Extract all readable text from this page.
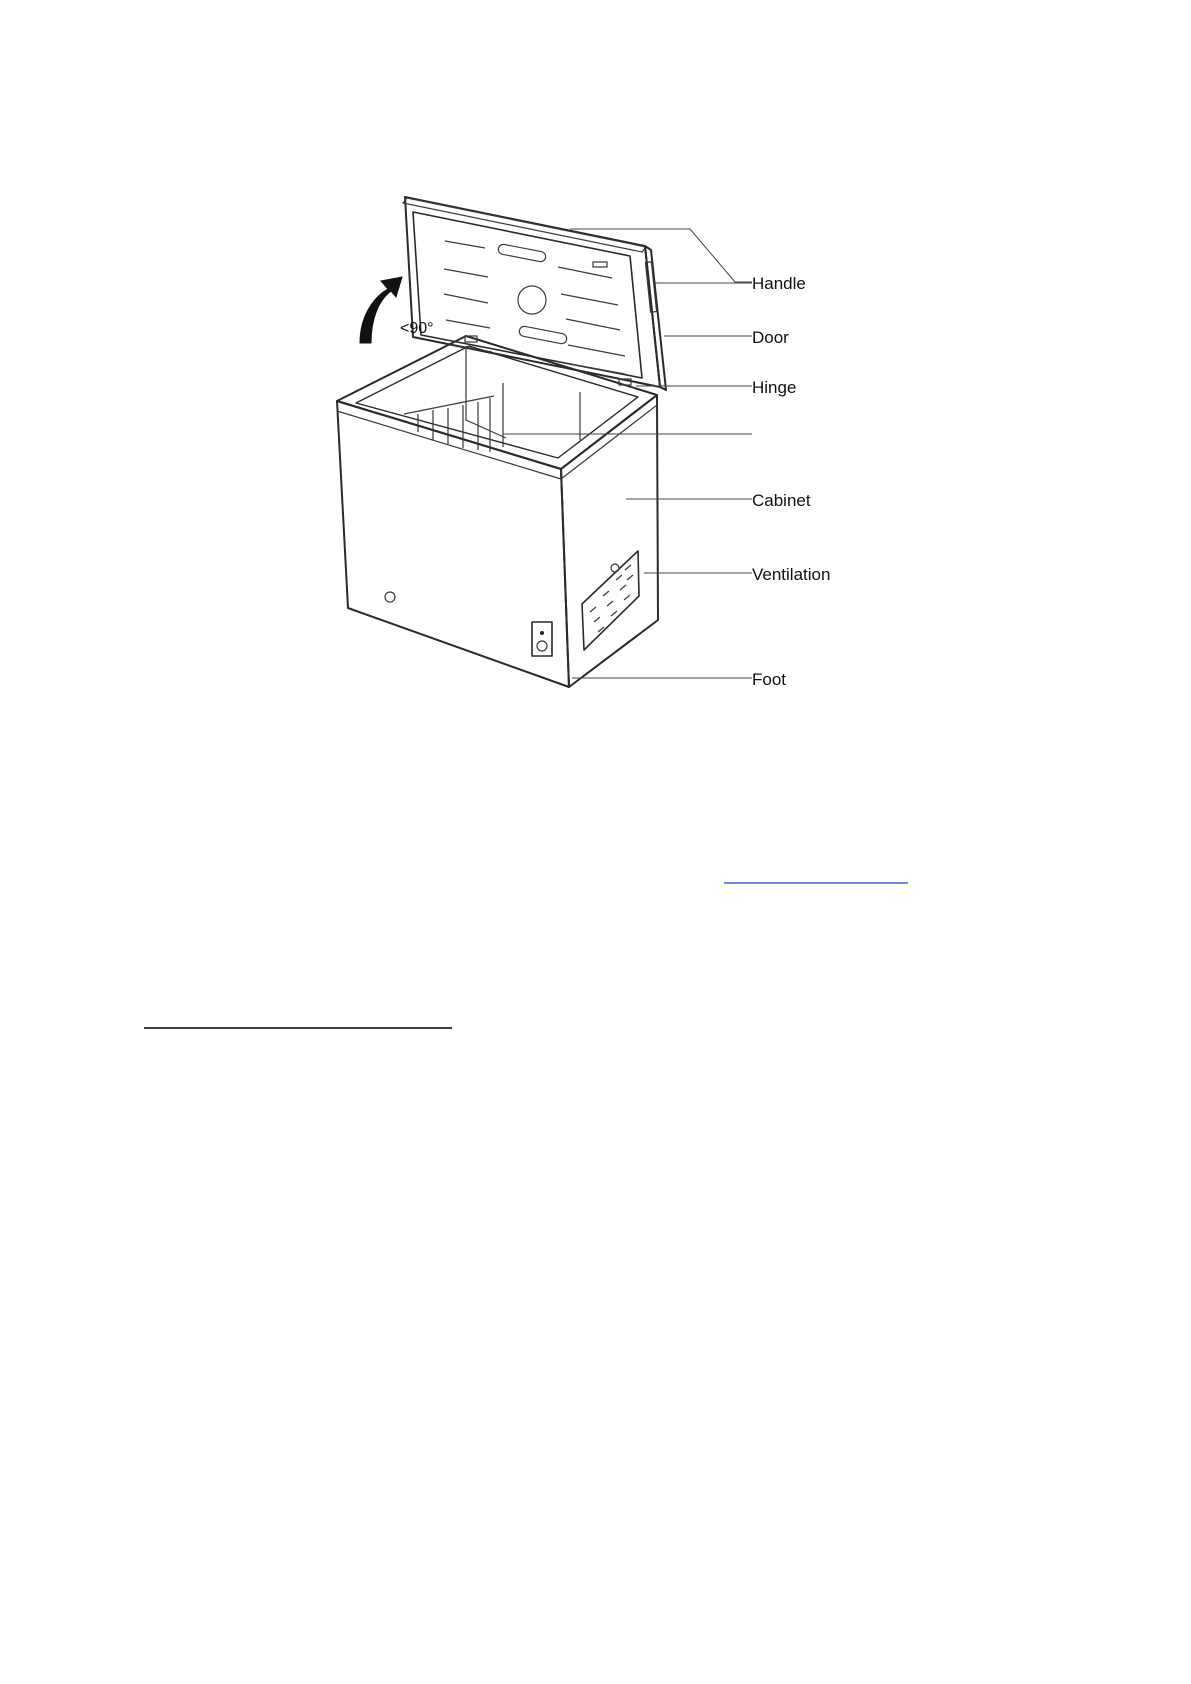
<90°
Handle
Door
Hinge
Cabinet
Ventilation
Foot
